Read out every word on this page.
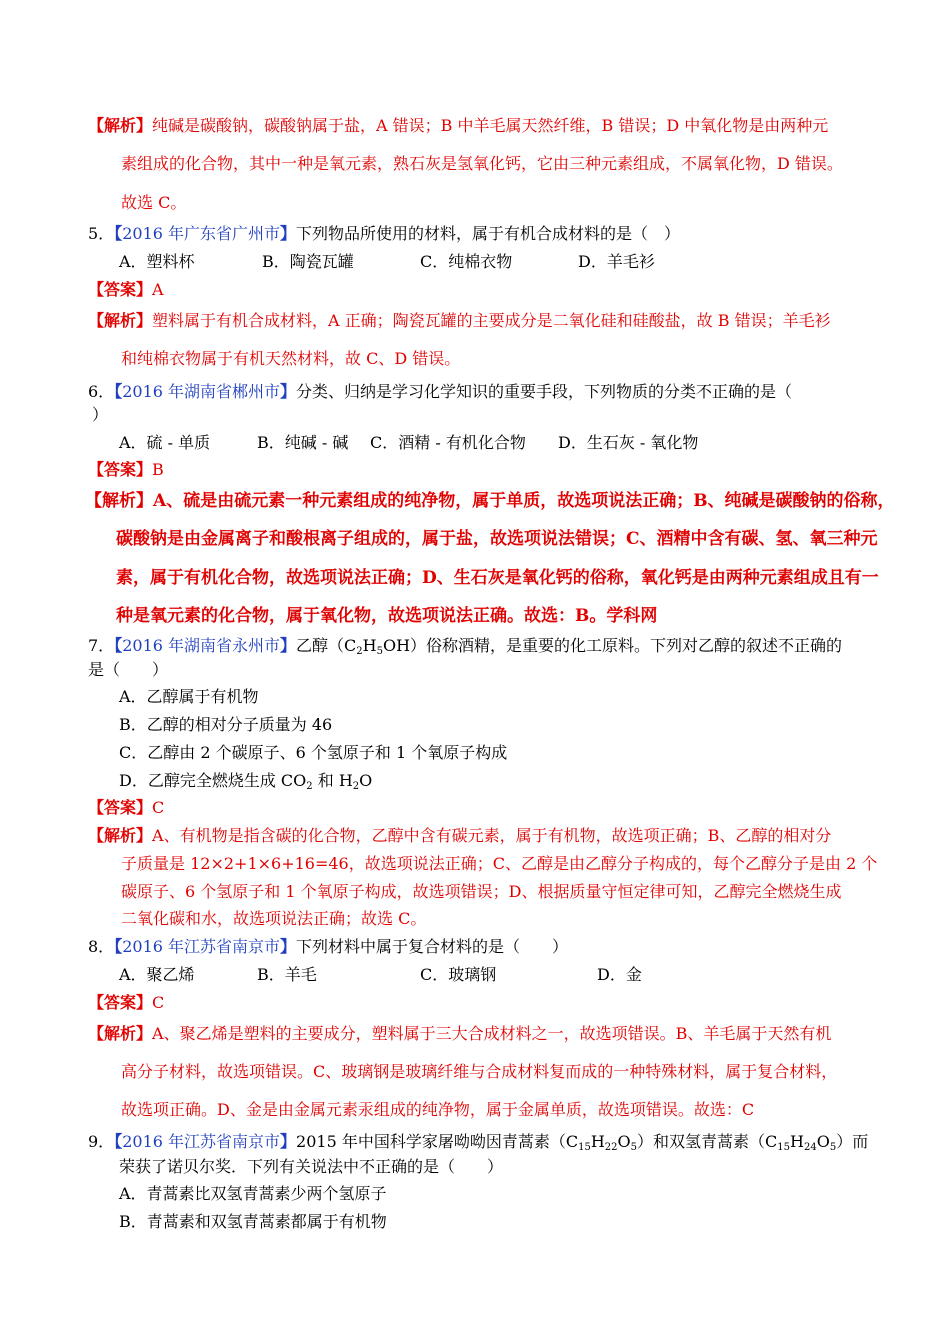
【解析】纯碱是碳酸钠，碳酸钠属于盐，A 错误；B 中羊毛属天然纤维，B 错误；D 中氧化物是由两种元
素组成的化合物，其中一种是氧元素，熟石灰是氢氧化钙，它由三种元素组成，不属氧化物，D 错误。
故选 C。
5．【2016 年广东省广州市】下列物品所使用的材料，属于有机合成材料的是（　）
A．塑料杯	B．陶瓷瓦罐	C．纯棉衣物	D．羊毛衫
【答案】A
【解析】塑料属于有机合成材料，A 正确；陶瓷瓦罐的主要成分是二氧化硅和硅酸盐，故 B 错误；羊毛衫
和纯棉衣物属于有机天然材料，故 C、D 错误。
6．【2016 年湖南省郴州市】分类、归纳是学习化学知识的重要手段，下列物质的分类不正确的是（
）
A．硫 - 单质	B．纯碱 - 碱 C．酒精 - 有机化合物 D．生石灰 - 氧化物
【答案】B
【解析】A、硫是由硫元素一种元素组成的纯净物，属于单质，故选项说法正确；B、纯碱是碳酸钠的俗称，
碳酸钠是由金属离子和酸根离子组成的，属于盐，故选项说法错误；C、酒精中含有碳、氢、氧三种元
素，属于有机化合物，故选项说法正确；D、生石灰是氧化钙的俗称，氧化钙是由两种元素组成且有一
种是氧元素的化合物，属于氧化物，故选项说法正确。故选：B。学科网
7．【2016 年湖南省永州市】乙醇$(C_2H_5OH)$俗称酒精，是重要的化工原料。下列对乙醇的叙述不正确的
是（　　）
A．乙醇属于有机物
B．乙醇的相对分子质量为 46
C．乙醇由 2 个碳原子、6 个氢原子和 1 个氧原子构成
D．乙醇完全燃烧生成 $CO_2$ 和 $H_2O$
【答案】C
【解析】A、有机物是指含碳的化合物，乙醇中含有碳元素，属于有机物，故选项正确；B、乙醇的相对分
子质量是 12×2+1×6+16=46，故选项说法正确；C、乙醇是由乙醇分子构成的，每个乙醇分子是由 2 个
碳原子、6 个氢原子和 1 个氧原子构成，故选项错误；D、根据质量守恒定律可知，乙醇完全燃烧生成
二氧化碳和水，故选项说法正确；故选 C。
8．【2016 年江苏省南京市】下列材料中属于复合材料的是（　　）
A．聚乙烯	B．羊毛	C．玻璃钢	D．金
【答案】C
【解析】A、聚乙烯是塑料的主要成分，塑料属于三大合成材料之一，故选项错误。B、羊毛属于天然有机
高分子材料，故选项错误。C、玻璃钢是玻璃纤维与合成材料复而成的一种特殊材料，属于复合材料，
故选项正确。D、金是由金属元素汞组成的纯净物，属于金属单质，故选项错误。故选：C
9．【2016 年江苏省南京市】2015 年中国科学家屠呦呦因青蒿素$(C_{15}H_{22}O_5)$和双氢青蒿素$(C_{15}H_{24}O_5)$而
荣获了诺贝尔奖．下列有关说法中不正确的是（　　）
A．青蒿素比双氢青蒿素少两个氢原子
B．青蒿素和双氢青蒿素都属于有机物
